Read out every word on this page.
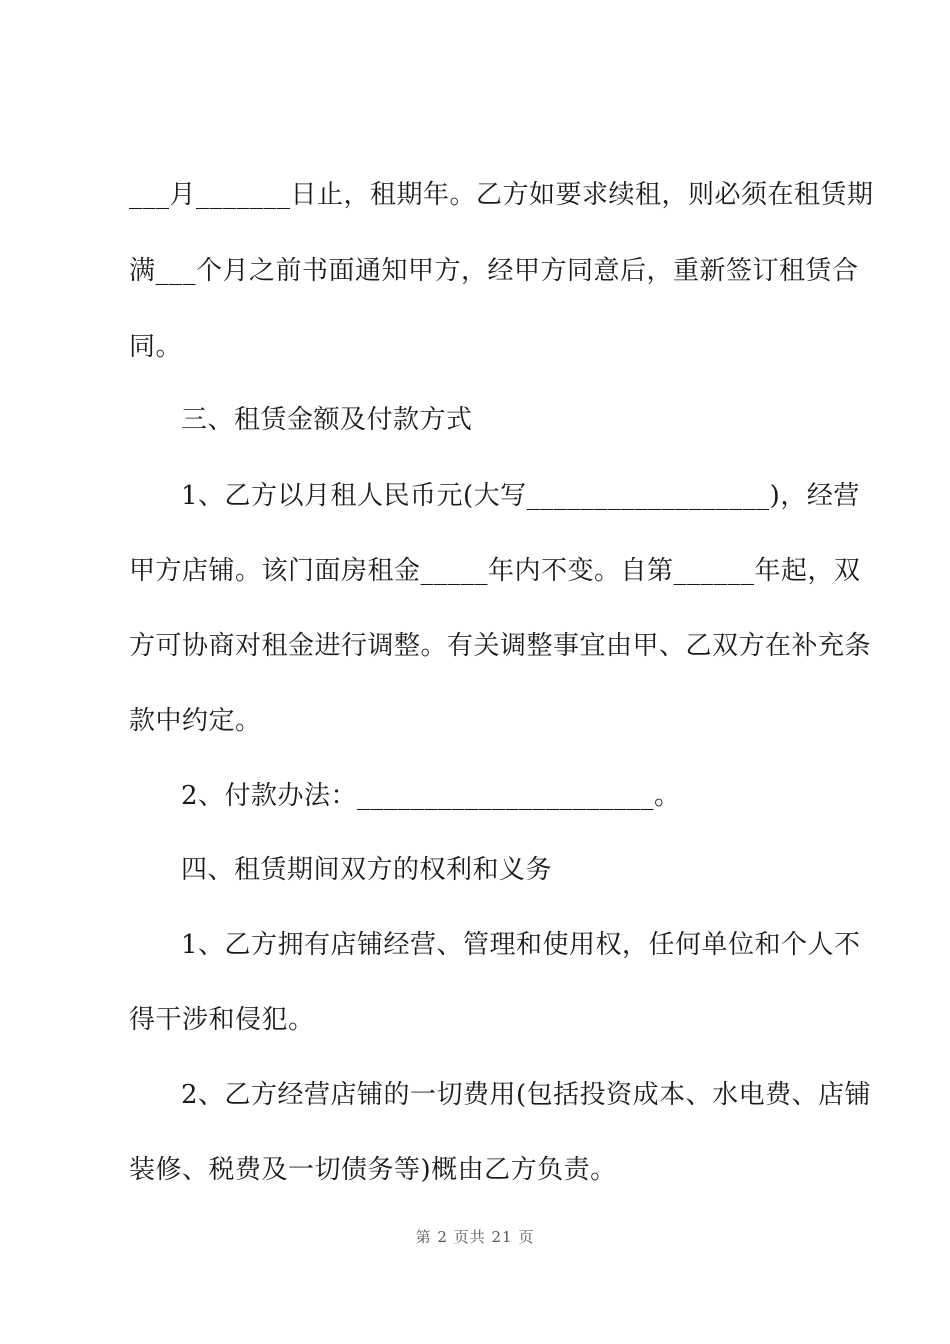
___月_______日止，租期年。乙方如要求续租，则必须在租赁期
满___个月之前书面通知甲方，经甲方同意后，重新签订租赁合
同。
三、租赁金额及付款方式
1、乙方以月租人民币元(大写__________________)，经营
甲方店铺。该门面房租金_____年内不变。自第______年起，双
方可协商对租金进行调整。有关调整事宜由甲、乙双方在补充条
款中约定。
2、付款办法：______________________。
四、租赁期间双方的权利和义务
1、乙方拥有店铺经营、管理和使用权，任何单位和个人不
得干涉和侵犯。
2、乙方经营店铺的一切费用(包括投资成本、水电费、店铺
装修、税费及一切债务等)概由乙方负责。
第 2 页共 21 页
